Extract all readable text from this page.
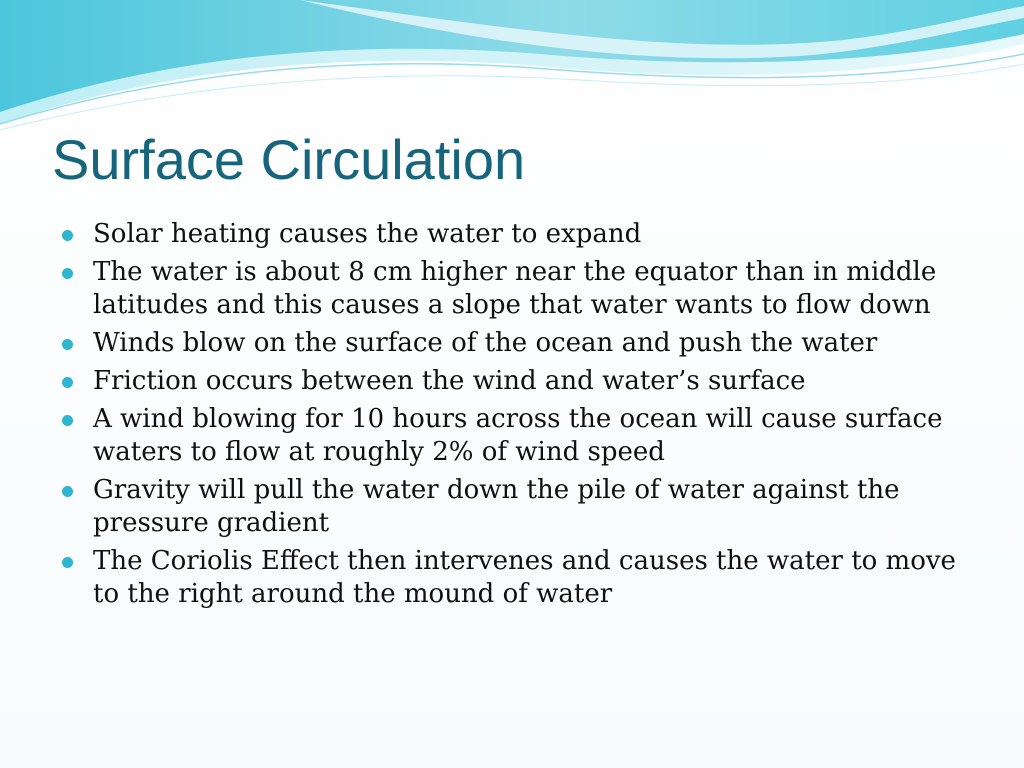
Surface Circulation
Solar heating causes the water to expand
The water is about 8 cm higher near the equator than in middle latitudes and this causes a slope that water wants to flow down
Winds blow on the surface of the ocean and push the water
Friction occurs between the wind and water’s surface
A wind blowing for 10 hours across the ocean will cause surface waters to flow at roughly 2% of wind speed
Gravity will pull the water down the pile of water against the pressure gradient
The Coriolis Effect then intervenes and causes the water to move to the right around the mound of water
